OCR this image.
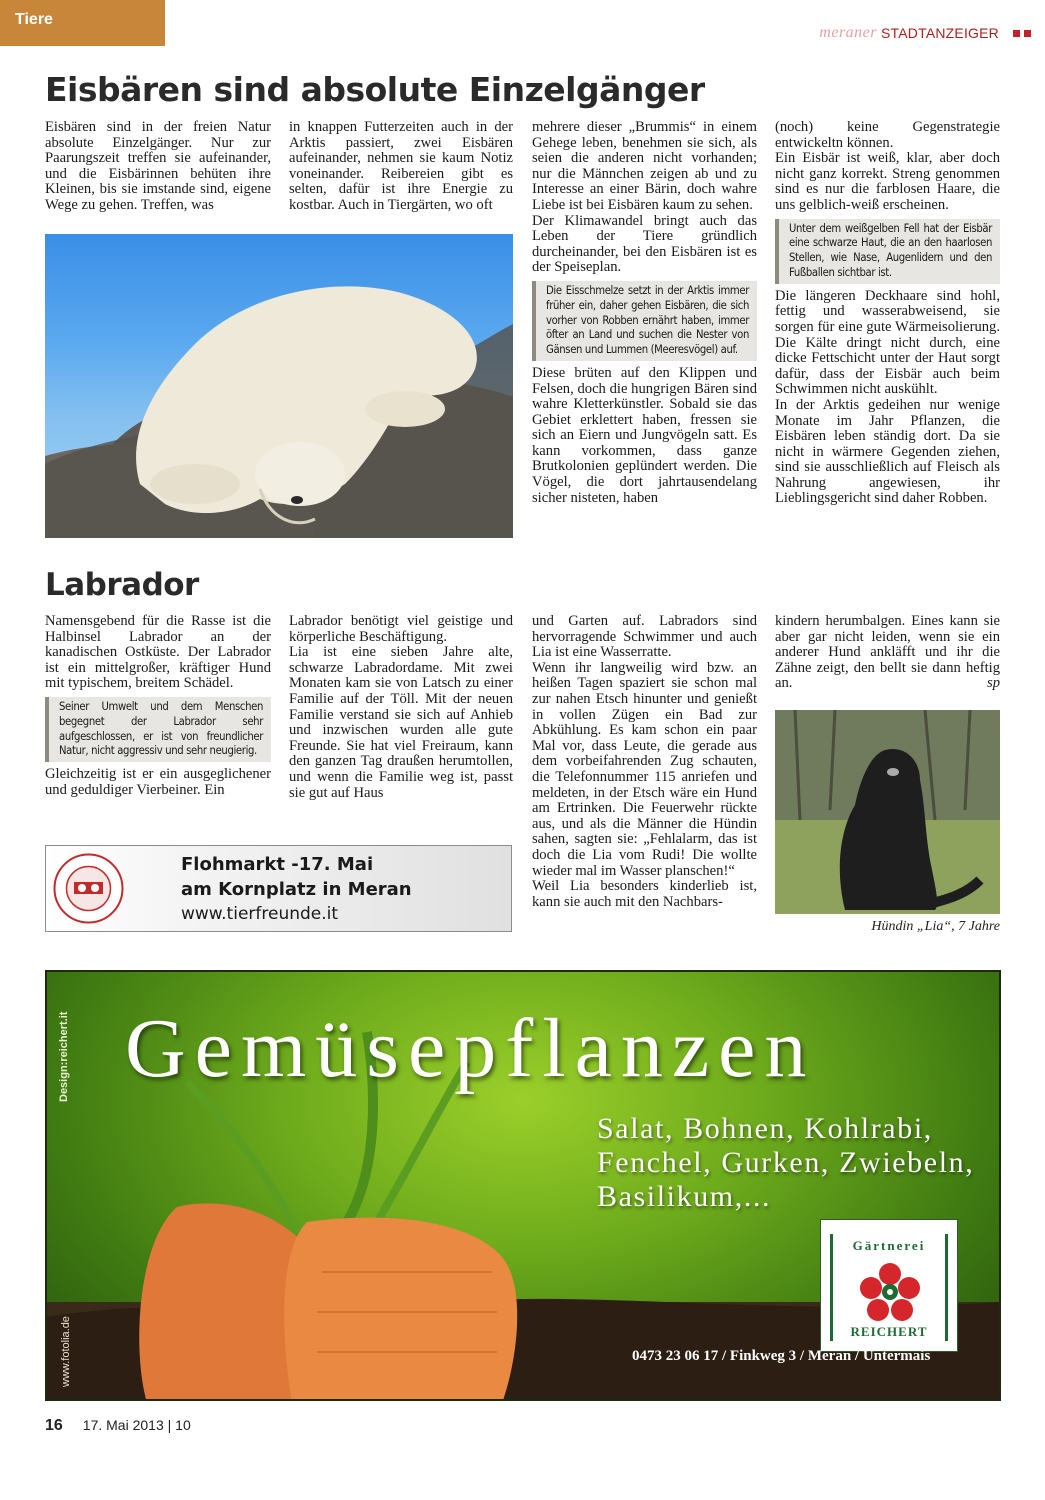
Tiere
meraner STADTANZEIGER
Eisbären sind absolute Einzelgänger

Eisbären sind in der freien Natur absolute Einzelgänger. Nur zur Paarungszeit treffen sie aufeinander, und die Eisbärinnen behüten ihre Kleinen, bis sie imstande sind, eigene Wege zu gehen. Treffen, was

in knappen Futterzeiten auch in der Arktis passiert, zwei Eisbären aufeinander, nehmen sie kaum Notiz voneinander. Reibereien gibt es selten, dafür ist ihre Energie zu kostbar. Auch in Tiergärten, wo oft

mehrere dieser „Brummis“ in einem Gehege leben, benehmen sie sich, als seien die anderen nicht vorhanden; nur die Männchen zeigen ab und zu Interesse an einer Bärin, doch wahre Liebe ist bei Eisbären kaum zu sehen.

Der Klimawandel bringt auch das Leben der Tiere gründlich durcheinander, bei den Eisbären ist es der Speiseplan.

Die Eisschmelze setzt in der Arktis immer früher ein, daher gehen Eisbären, die sich vorher von Robben ernährt haben, immer öfter an Land und suchen die Nester von Gänsen und Lummen (Meeresvögel) auf.

Diese brüten auf den Klippen und Felsen, doch die hungrigen Bären sind wahre Kletterkünstler. Sobald sie das Gebiet erklettert haben, fressen sie sich an Eiern und Jungvögeln satt. Es kann vorkommen, dass ganze Brutkolonien geplündert werden. Die Vögel, die dort jahrtausendelang sicher nisteten, haben

(noch) keine Gegenstrategie entwickeltn können.

Ein Eisbär ist weiß, klar, aber doch nicht ganz korrekt. Streng genommen sind es nur die farblosen Haare, die uns gelblich-weiß erscheinen.

Unter dem weißgelben Fell hat der Eisbär eine schwarze Haut, die an den haarlosen Stellen, wie Nase, Augenlidern und den Fußballen sichtbar ist.

Die längeren Deckhaare sind hohl, fettig und wasserabweisend, sie sorgen für eine gute Wärmeisolierung. Die Kälte dringt nicht durch, eine dicke Fettschicht unter der Haut sorgt dafür, dass der Eisbär auch beim Schwimmen nicht auskühlt.

In der Arktis gedeihen nur wenige Monate im Jahr Pflanzen, die Eisbären leben ständig dort. Da sie nicht in wärmere Gegenden ziehen, sind sie ausschließlich auf Fleisch als Nahrung angewiesen, ihr Lieblingsgericht sind daher Robben.

Labrador

Namensgebend für die Rasse ist die Halbinsel Labrador an der kanadischen Ostküste. Der Labrador ist ein mittelgroßer, kräftiger Hund mit typischem, breitem Schädel.

Seiner Umwelt und dem Menschen begegnet der Labrador sehr aufgeschlossen, er ist von freundlicher Natur, nicht aggressiv und sehr neugierig.

Gleichzeitig ist er ein ausgeglichener und geduldiger Vierbeiner. Ein

Labrador benötigt viel geistige und körperliche Beschäftigung.

Lia ist eine sieben Jahre alte, schwarze Labradordame. Mit zwei Monaten kam sie von Latsch zu einer Familie auf der Töll. Mit der neuen Familie verstand sie sich auf Anhieb und inzwischen wurden alle gute Freunde. Sie hat viel Freiraum, kann den ganzen Tag draußen herumtollen, und wenn die Familie weg ist, passt sie gut auf Haus

und Garten auf. Labradors sind hervorragende Schwimmer und auch Lia ist eine Wasserratte.

Wenn ihr langweilig wird bzw. an heißen Tagen spaziert sie schon mal zur nahen Etsch hinunter und genießt in vollen Zügen ein Bad zur Abkühlung. Es kam schon ein paar Mal vor, dass Leute, die gerade aus dem vorbeifahrenden Zug schauten, die Telefonnummer 115 anriefen und meldeten, in der Etsch wäre ein Hund am Ertrinken. Die Feuerwehr rückte aus, und als die Männer die Hündin sahen, sagten sie: „Fehlalarm, das ist doch die Lia vom Rudi! Die wollte wieder mal im Wasser planschen!“

Weil Lia besonders kinderlieb ist, kann sie auch mit den Nachbars-

kindern herumbalgen. Eines kann sie aber gar nicht leiden, wenn sie ein anderer Hund ankläfft und ihr die Zähne zeigt, den bellt sie dann heftig an.	sp

Hündin „Lia“, 7 Jahre
Flohmarkt -17. Mai
am Kornplatz in Meran
www.tierfreunde.it
Gemüsepflanzen
Salat, Bohnen, Kohlrabi,
Fenchel, Gurken, Zwiebeln,
Basilikum,...
Gärtnerei
REICHERT
0473 23 06 17 / Finkweg 3 / Meran / Untermais
Design:reichert.it
www.fotolia.de
16 17. Mai 2013 | 10
